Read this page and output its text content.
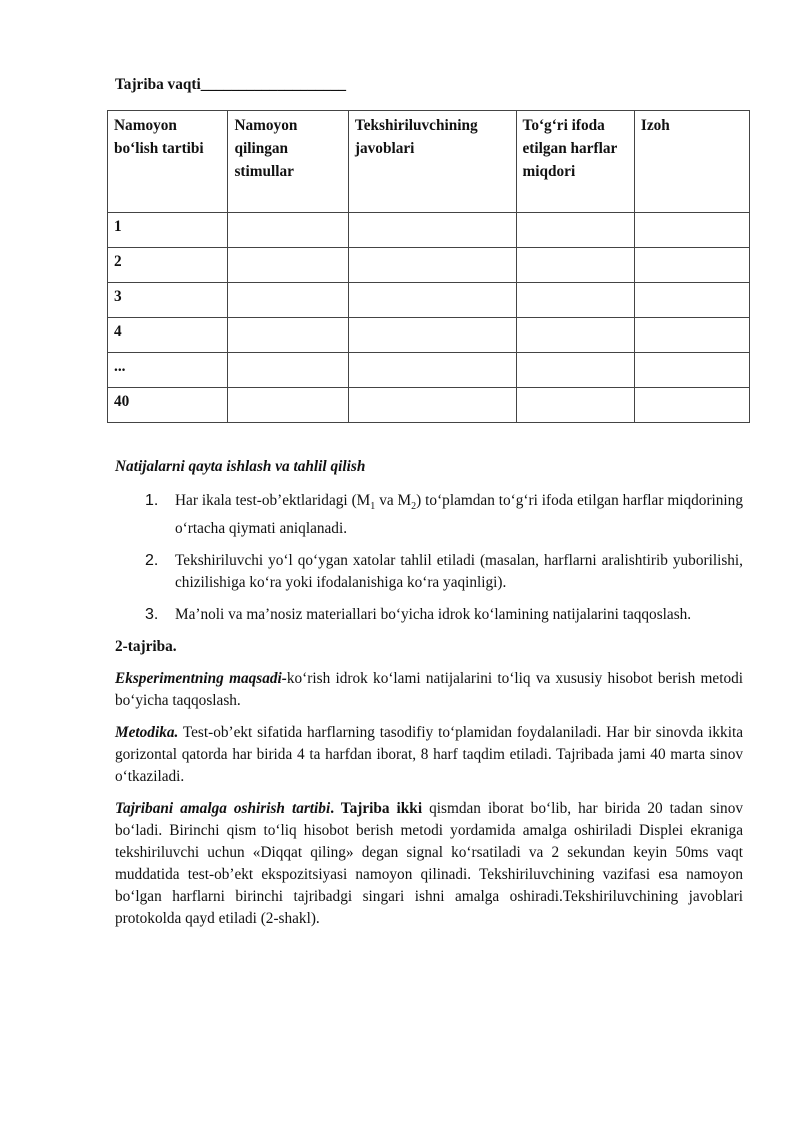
Tajriba vaqti___________________

Namoyon bo‘lish tartibi	Namoyon qilingan stimullar	Tekshiriluvchining javoblari	To‘g‘ri ifoda etilgan harflar miqdori	Izoh
1				
2				
3				
4				
...				
40				

Natijalarni qayta ishlash va tahlil qilish

1. Har ikala test-ob’ektlaridagi ($M_1$ va $M_2$) to‘plamdan to‘g‘ri ifoda etilgan harflar miqdorining o‘rtacha qiymati aniqlanadi.
2. Tekshiriluvchi yo‘l qo‘ygan xatolar tahlil etiladi (masalan, harflarni aralishtirib yuborilishi, chizilishiga ko‘ra yoki ifodalanishiga ko‘ra yaqinligi).
3. Ma’noli va ma’nosiz materiallari bo‘yicha idrok ko‘lamining natijalarini taqqoslash.

2-tajriba.

Eksperimentning maqsadi-ko‘rish idrok ko‘lami natijalarini to‘liq va xususiy hisobot berish metodi bo‘yicha taqqoslash.

Metodika. Test-ob’ekt sifatida harflarning tasodifiy to‘plamidan foydalaniladi. Har bir sinovda ikkita gorizontal qatorda har birida 4 ta harfdan iborat, 8 harf taqdim etiladi. Tajribada jami 40 marta sinov o‘tkaziladi.

Tajribani amalga oshirish tartibi. Tajriba ikki qismdan iborat bo‘lib, har birida 20 tadan sinov bo‘ladi. Birinchi qism to‘liq hisobot berish metodi yordamida amalga oshiriladi Displei ekraniga tekshiriluvchi uchun «Diqqat qiling» degan signal ko‘rsatiladi va 2 sekundan keyin 50ms vaqt muddatida test-ob’ekt ekspozitsiyasi namoyon qilinadi. Tekshiriluvchining vazifasi esa namoyon bo‘lgan harflarni birinchi tajribadgi singari ishni amalga oshiradi.Tekshiriluvchining javoblari protokolda qayd etiladi (2-shakl).
